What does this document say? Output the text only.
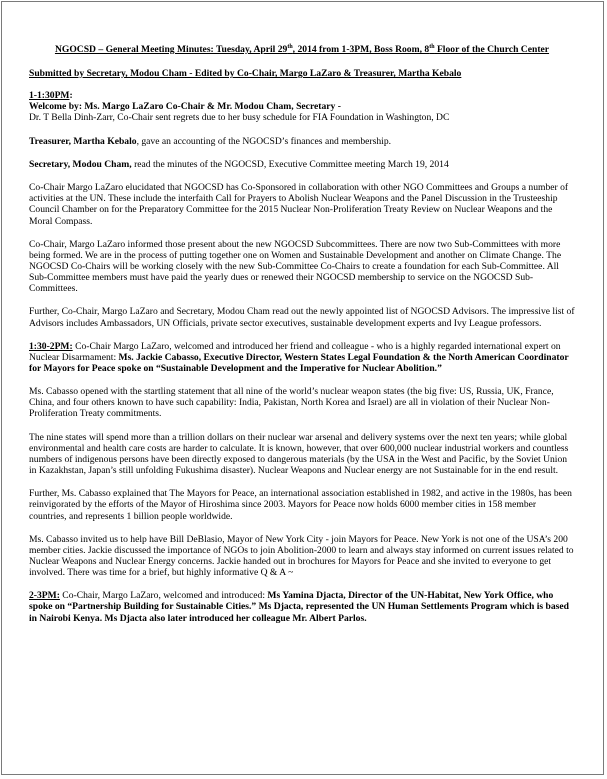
NGOCSD – General Meeting Minutes: Tuesday, April 29th, 2014 from 1-3PM, Boss Room, 8th Floor of the Church Center

Submitted by Secretary, Modou Cham - Edited by Co-Chair, Margo LaZaro & Treasurer, Martha Kebalo

1-1:30PM:

Welcome by: Ms. Margo LaZaro Co-Chair & Mr. Modou Cham, Secretary -

Dr. T Bella Dinh-Zarr, Co-Chair sent regrets due to her busy schedule for FIA Foundation in Washington, DC

Treasurer, Martha Kebalo, gave an accounting of the NGOCSD’s finances and membership.

Secretary, Modou Cham, read the minutes of the NGOCSD, Executive Committee meeting March 19, 2014

Co-Chair Margo LaZaro elucidated that NGOCSD has Co-Sponsored in collaboration with other NGO Committees and Groups a number of activities at the UN. These include the interfaith Call for Prayers to Abolish Nuclear Weapons and the Panel Discussion in the Trusteeship Council Chamber on for the Preparatory Committee for the 2015 Nuclear Non-Proliferation Treaty Review on Nuclear Weapons and the Moral Compass.

Co-Chair, Margo LaZaro informed those present about the new NGOCSD Subcommittees. There are now two Sub-Committees with more being formed. We are in the process of putting together one on Women and Sustainable Development and another on Climate Change. The NGOCSD Co-Chairs will be working closely with the new Sub-Committee Co-Chairs to create a foundation for each Sub-Committee. All Sub-Committee members must have paid the yearly dues or renewed their NGOCSD membership to service on the NGOCSD Sub-Committees.

Further, Co-Chair, Margo LaZaro and Secretary, Modou Cham read out the newly appointed list of NGOCSD Advisors. The impressive list of Advisors includes Ambassadors, UN Officials, private sector executives, sustainable development experts and Ivy League professors.

1:30-2PM: Co-Chair Margo LaZaro, welcomed and introduced her friend and colleague - who is a highly regarded international expert on Nuclear Disarmament: Ms. Jackie Cabasso, Executive Director, Western States Legal Foundation & the North American Coordinator for Mayors for Peace spoke on “Sustainable Development and the Imperative for Nuclear Abolition.”

Ms. Cabasso opened with the startling statement that all nine of the world’s nuclear weapon states (the big five: US, Russia, UK, France, China, and four others known to have such capability: India, Pakistan, North Korea and Israel) are all in violation of their Nuclear Non-Proliferation Treaty commitments.

The nine states will spend more than a trillion dollars on their nuclear war arsenal and delivery systems over the next ten years; while global environmental and health care costs are harder to calculate. It is known, however, that over 600,000 nuclear industrial workers and countless numbers of indigenous persons have been directly exposed to dangerous materials (by the USA in the West and Pacific, by the Soviet Union in Kazakhstan, Japan’s still unfolding Fukushima disaster). Nuclear Weapons and Nuclear energy are not Sustainable for in the end result.

Further, Ms. Cabasso explained that The Mayors for Peace, an international association established in 1982, and active in the 1980s, has been reinvigorated by the efforts of the Mayor of Hiroshima since 2003. Mayors for Peace now holds 6000 member cities in 158 member countries, and represents 1 billion people worldwide.

Ms. Cabasso invited us to help have Bill DeBlasio, Mayor of New York City - join Mayors for Peace. New York is not one of the USA’s 200 member cities. Jackie discussed the importance of NGOs to join Abolition-2000 to learn and always stay informed on current issues related to Nuclear Weapons and Nuclear Energy concerns. Jackie handed out in brochures for Mayors for Peace and she invited to everyone to get involved. There was time for a brief, but highly informative Q & A ~

2-3PM: Co-Chair, Margo LaZaro, welcomed and introduced: Ms Yamina Djacta, Director of the UN-Habitat, New York Office, who spoke on “Partnership Building for Sustainable Cities.” Ms Djacta, represented the UN Human Settlements Program which is based in Nairobi Kenya. Ms Djacta also later introduced her colleague Mr. Albert Parlos.
